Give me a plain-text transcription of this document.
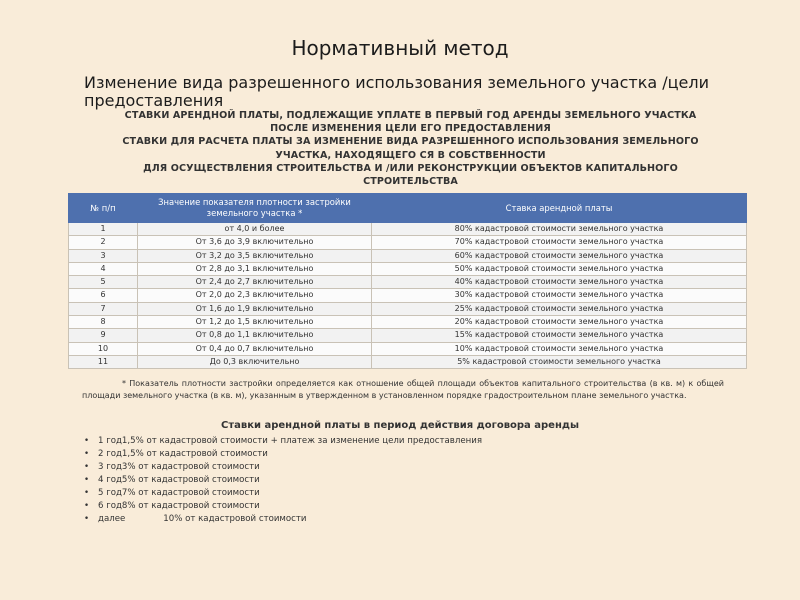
Нормативный метод
Изменение вида разрешенного использования земельного участка /цели предоставления
СТАВКИ АРЕНДНОЙ ПЛАТЫ, ПОДЛЕЖАЩИЕ УПЛАТЕ В ПЕРВЫЙ ГОД АРЕНДЫ ЗЕМЕЛЬНОГО УЧАСТКА ПОСЛЕ ИЗМЕНЕНИЯ ЦЕЛИ ЕГО ПРЕДОСТАВЛЕНИЯ
СТАВКИ ДЛЯ РАСЧЕТА ПЛАТЫ ЗА ИЗМЕНЕНИЕ ВИДА РАЗРЕШЕННОГО ИСПОЛЬЗОВАНИЯ ЗЕМЕЛЬНОГО УЧАСТКА, НАХОДЯЩЕГО СЯ В СОБСТВЕННОСТИ
ДЛЯ ОСУЩЕСТВЛЕНИЯ СТРОИТЕЛЬСТВА И /ИЛИ РЕКОНСТРУКЦИИ ОБЪЕКТОВ КАПИТАЛЬНОГО СТРОИТЕЛЬСТВА
№ п/п	Значение показателя плотности застройки земельного участка *	Ставка арендной платы
1	от 4,0 и более	80% кадастровой стоимости земельного участка
2	От 3,6 до 3,9 включительно	70% кадастровой стоимости земельного участка
3	От 3,2 до 3,5 включительно	60% кадастровой стоимости земельного участка
4	От 2,8 до 3,1 включительно	50% кадастровой стоимости земельного участка
5	От 2,4 до 2,7 включительно	40% кадастровой стоимости земельного участка
6	От 2,0 до 2,3 включительно	30% кадастровой стоимости земельного участка
7	От 1,6 до 1,9 включительно	25% кадастровой стоимости земельного участка
8	От 1,2 до 1,5 включительно	20% кадастровой стоимости земельного участка
9	От 0,8 до 1,1 включительно	15% кадастровой стоимости земельного участка
10	От 0,4 до 0,7 включительно	10% кадастровой стоимости земельного участка
11	До 0,3 включительно	5% кадастровой стоимости земельного участка
* Показатель плотности застройки определяется как отношение общей площади объектов капитального строительства (в кв. м) к общей площади земельного участка (в кв. м), указанным в утвержденном в установленном порядке градостроительном плане земельного участка.
Ставки арендной платы в период действия договора аренды
• 1 год1,5% от кадастровой стоимости + платеж за изменение цели предоставления
• 2 год1,5% от кадастровой стоимости
• 3 год3% от кадастровой стоимости
• 4 год5% от кадастровой стоимости
• 5 год7% от кадастровой стоимости
• 6 год8% от кадастровой стоимости
• далее	10% от кадастровой стоимости
